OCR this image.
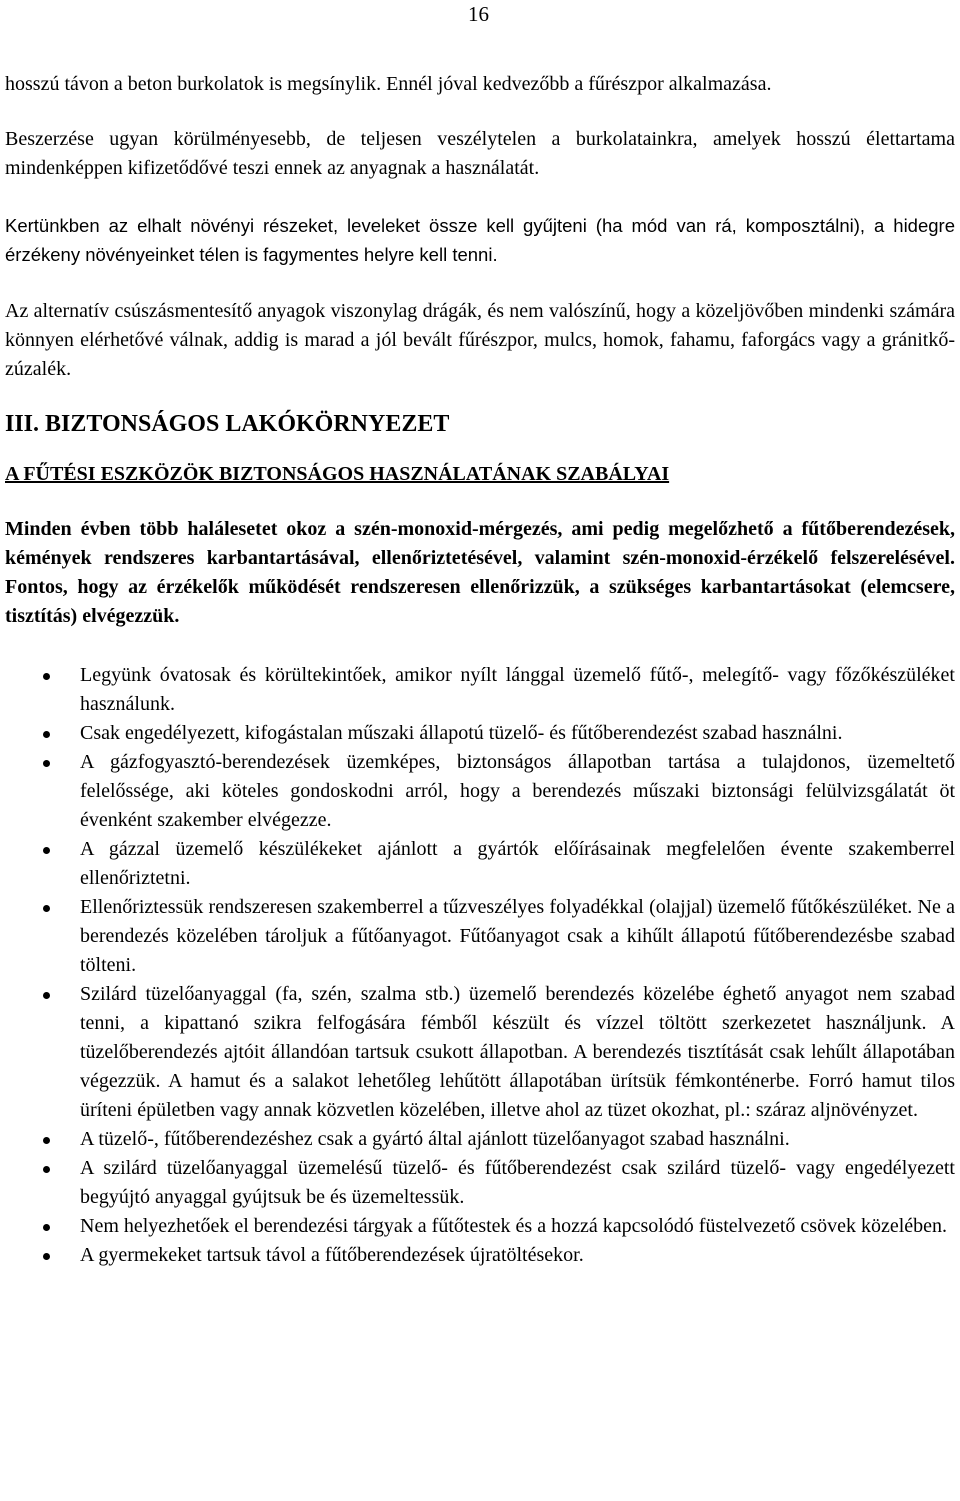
16

hosszú távon a beton burkolatok is megsínylik. Ennél jóval kedvezőbb a fűrészpor alkalmazása.

Beszerzése ugyan körülményesebb, de teljesen veszélytelen a burkolatainkra, amelyek hosszú élettartama mindenképpen kifizetődővé teszi ennek az anyagnak a használatát.

Kertünkben az elhalt növényi részeket, leveleket össze kell gyűjteni (ha mód van rá, komposztálni), a hidegre érzékeny növényeinket télen is fagymentes helyre kell tenni.

Az alternatív csúszásmentesítő anyagok viszonylag drágák, és nem valószínű, hogy a közeljövőben mindenki számára könnyen elérhetővé válnak, addig is marad a jól bevált fűrészpor, mulcs, homok, fahamu, faforgács vagy a gránitkő-zúzalék.

III. BIZTONSÁGOS LAKÓKÖRNYEZET
A FŰTÉSI ESZKÖZÖK BIZTONSÁGOS HASZNÁLATÁNAK SZABÁLYAI

Minden évben több halálesetet okoz a szén-monoxid-mérgezés, ami pedig megelőzhető a fűtőberendezések, kémények rendszeres karbantartásával, ellenőriztetésével, valamint szén-monoxid-érzékelő felszerelésével. Fontos, hogy az érzékelők működését rendszeresen ellenőrizzük, a szükséges karbantartásokat (elemcsere, tisztítás) elvégezzük.

Legyünk óvatosak és körültekintőek, amikor nyílt lánggal üzemelő fűtő-, melegítő- vagy főzőkészüléket használunk.
Csak engedélyezett, kifogástalan műszaki állapotú tüzelő- és fűtőberendezést szabad használni.
A gázfogyasztó-berendezések üzemképes, biztonságos állapotban tartása a tulajdonos, üzemeltető felelőssége, aki köteles gondoskodni arról, hogy a berendezés műszaki biztonsági felülvizsgálatát öt évenként szakember elvégezze.
A gázzal üzemelő készülékeket ajánlott a gyártók előírásainak megfelelően évente szakemberrel ellenőriztetni.
Ellenőriztessük rendszeresen szakemberrel a tűzveszélyes folyadékkal (olajjal) üzemelő fűtőkészüléket. Ne a berendezés közelében tároljuk a fűtőanyagot. Fűtőanyagot csak a kihűlt állapotú fűtőberendezésbe szabad tölteni.
Szilárd tüzelőanyaggal (fa, szén, szalma stb.) üzemelő berendezés közelébe éghető anyagot nem szabad tenni, a kipattanó szikra felfogására fémből készült és vízzel töltött szerkezetet használjunk. A tüzelőberendezés ajtóit állandóan tartsuk csukott állapotban. A berendezés tisztítását csak lehűlt állapotában végezzük. A hamut és a salakot lehetőleg lehűtött állapotában ürítsük fémkonténerbe. Forró hamut tilos üríteni épületben vagy annak közvetlen közelében, illetve ahol az tüzet okozhat, pl.: száraz aljnövényzet.
A tüzelő-, fűtőberendezéshez csak a gyártó által ajánlott tüzelőanyagot szabad használni.
A szilárd tüzelőanyaggal üzemelésű tüzelő- és fűtőberendezést csak szilárd tüzelő- vagy engedélyezett begyújtó anyaggal gyújtsuk be és üzemeltessük.
Nem helyezhetőek el berendezési tárgyak a fűtőtestek és a hozzá kapcsolódó füstelvezető csövek közelében.
A gyermekeket tartsuk távol a fűtőberendezések újratöltésekor.
